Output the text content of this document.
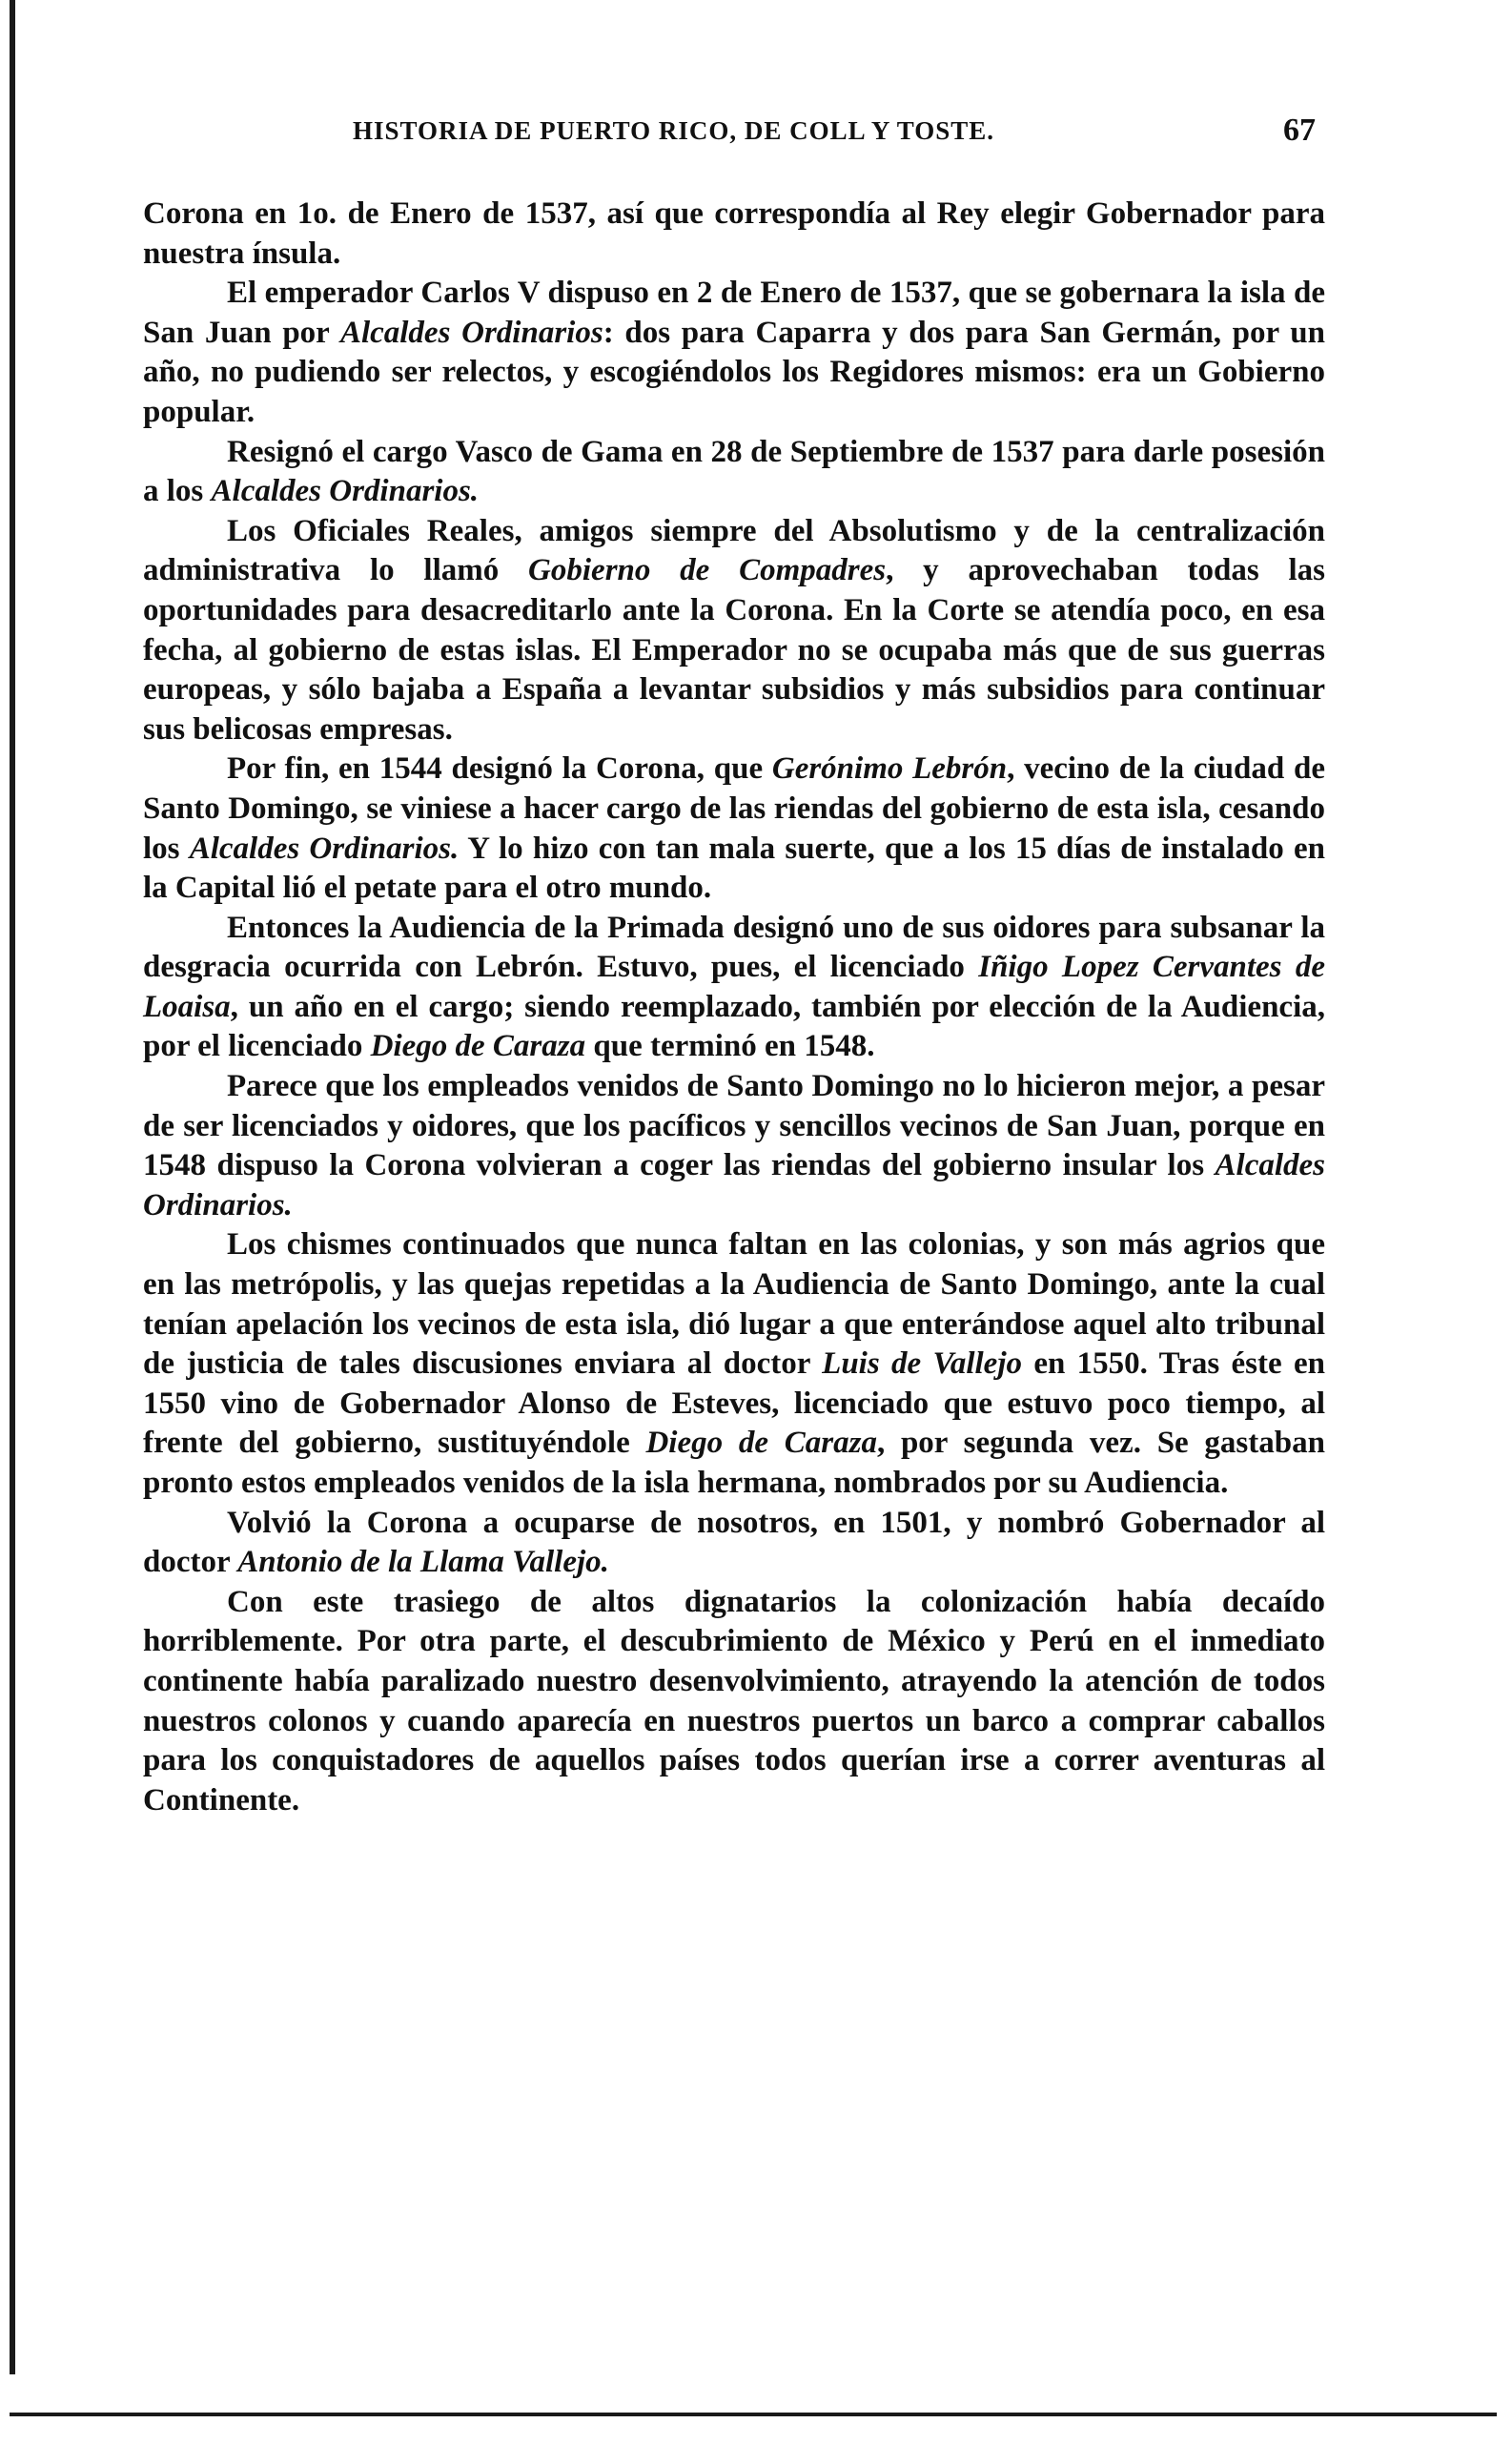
HISTORIA DE PUERTO RICO, DE COLL Y TOSTE.	67

Corona en 1o. de Enero de 1537, así que correspondía al Rey elegir Gobernador para nuestra ínsula.

El emperador Carlos V dispuso en 2 de Enero de 1537, que se gobernara la isla de San Juan por Alcaldes Ordinarios: dos para Caparra y dos para San Germán, por un año, no pudiendo ser relectos, y escogiéndolos los Regidores mismos: era un Gobierno popular.

Resignó el cargo Vasco de Gama en 28 de Septiembre de 1537 para darle posesión a los Alcaldes Ordinarios.

Los Oficiales Reales, amigos siempre del Absolutismo y de la centralización administrativa lo llamó Gobierno de Compadres, y aprovechaban todas las oportunidades para desacreditarlo ante la Corona. En la Corte se atendía poco, en esa fecha, al gobierno de estas islas. El Emperador no se ocupaba más que de sus guerras europeas, y sólo bajaba a España a levantar subsidios y más subsidios para continuar sus belicosas empresas.

Por fin, en 1544 designó la Corona, que Gerónimo Lebrón, vecino de la ciudad de Santo Domingo, se viniese a hacer cargo de las riendas del gobierno de esta isla, cesando los Alcaldes Ordinarios. Y lo hizo con tan mala suerte, que a los 15 días de instalado en la Capital lió el petate para el otro mundo.

Entonces la Audiencia de la Primada designó uno de sus oidores para subsanar la desgracia ocurrida con Lebrón. Estuvo, pues, el licenciado Iñigo Lopez Cervantes de Loaisa, un año en el cargo; siendo reemplazado, también por elección de la Audiencia, por el licenciado Diego de Caraza que terminó en 1548.

Parece que los empleados venidos de Santo Domingo no lo hicieron mejor, a pesar de ser licenciados y oidores, que los pacíficos y sencillos vecinos de San Juan, porque en 1548 dispuso la Corona volvieran a coger las riendas del gobierno insular los Alcaldes Ordinarios.

Los chismes continuados que nunca faltan en las colonias, y son más agrios que en las metrópolis, y las quejas repetidas a la Audiencia de Santo Domingo, ante la cual tenían apelación los vecinos de esta isla, dió lugar a que enterándose aquel alto tribunal de justicia de tales discusiones enviara al doctor Luis de Vallejo en 1550. Tras éste en 1550 vino de Gobernador Alonso de Esteves, licenciado que estuvo poco tiempo, al frente del gobierno, sustituyéndole Diego de Caraza, por segunda vez. Se gastaban pronto estos empleados venidos de la isla hermana, nombrados por su Audiencia.

Volvió la Corona a ocuparse de nosotros, en 1501, y nombró Gobernador al doctor Antonio de la Llama Vallejo.

Con este trasiego de altos dignatarios la colonización había decaído horriblemente. Por otra parte, el descubrimiento de México y Perú en el inmediato continente había paralizado nuestro desenvolvimiento, atrayendo la atención de todos nuestros colonos y cuando aparecía en nuestros puertos un barco a comprar caballos para los conquistadores de aquellos países todos querían irse a correr aventuras al Continente.
